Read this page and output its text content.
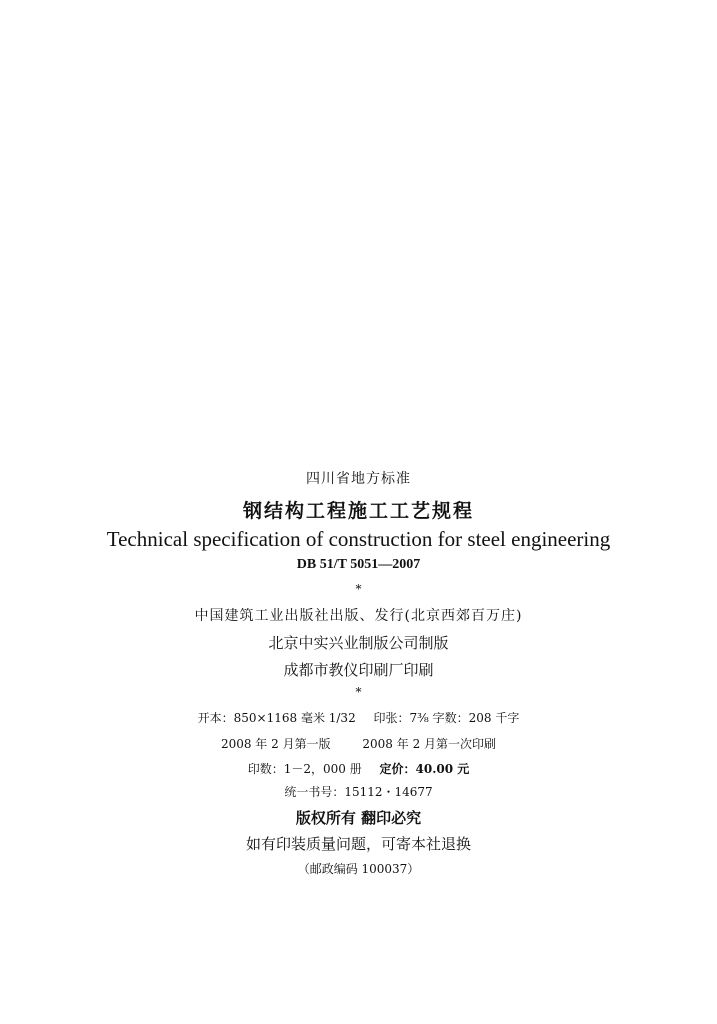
四川省地方标准
钢结构工程施工工艺规程
Technical specification of construction for steel engineering
DB 51/T 5051—2007
*
中国建筑工业出版社出版、发行(北京西郊百万庄)
北京中实兴业制版公司制版
成都市教仪印刷厂印刷
*
开本：850×1168 毫米 1/32 印张：7⅜ 字数：208 千字
2008 年 2 月第一版	2008 年 2 月第一次印刷
印数：1－2，000 册 定价：40.00 元
统一书号：15112・14677
版权所有 翻印必究
如有印装质量问题，可寄本社退换
（邮政编码 100037）
